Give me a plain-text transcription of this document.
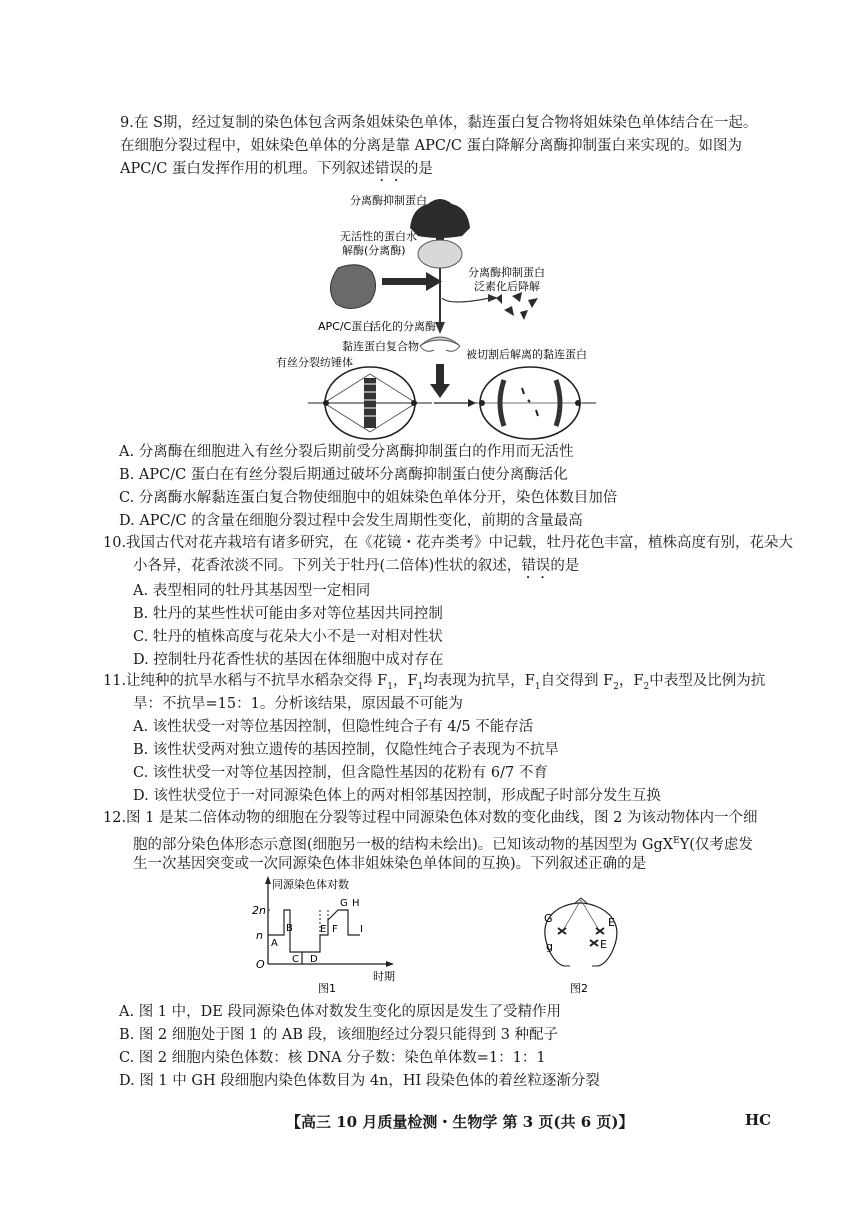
9.在 S期，经过复制的染色体包含两条姐妹染色单体，黏连蛋白复合物将姐妹染色单体结合在一起。
在细胞分裂过程中，姐妹染色单体的分离是靠 APC/C 蛋白降解分离酶抑制蛋白来实现的。如图为
APC/C 蛋白发挥作用的机理。下列叙述错误的是
分离酶抑制蛋白
无活性的蛋白水
解酶(分离酶)
APC/C蛋白
分离酶抑制蛋白
泛素化后降解
活化的分离酶
黏连蛋白复合物
有丝分裂纺锤体
被切割后解离的黏连蛋白
A. 分离酶在细胞进入有丝分裂后期前受分离酶抑制蛋白的作用而无活性
B. APC/C 蛋白在有丝分裂后期通过破坏分离酶抑制蛋白使分离酶活化
C. 分离酶水解黏连蛋白复合物使细胞中的姐妹染色单体分开，染色体数目加倍
D. APC/C 的含量在细胞分裂过程中会发生周期性变化，前期的含量最高
10.我国古代对花卉栽培有诸多研究，在《花镜・花卉类考》中记载，牡丹花色丰富，植株高度有别，花朵大
小各异，花香浓淡不同。下列关于牡丹(二倍体)性状的叙述，错误的是
A. 表型相同的牡丹其基因型一定相同
B. 牡丹的某些性状可能由多对等位基因共同控制
C. 牡丹的植株高度与花朵大小不是一对相对性状
D. 控制牡丹花香性状的基因在体细胞中成对存在
11.让纯种的抗旱水稻与不抗旱水稻杂交得 $F_1$，$F_1$均表现为抗旱，$F_1$自交得到 $F_2$，$F_2$中表型及比例为抗
旱：不抗旱=15：1。分析该结果，原因最不可能为
A. 该性状受一对等位基因控制，但隐性纯合子有 4/5 不能存活
B. 该性状受两对独立遗传的基因控制，仅隐性纯合子表现为不抗旱
C. 该性状受一对等位基因控制，但含隐性基因的花粉有 6/7 不育
D. 该性状受位于一对同源染色体上的两对相邻基因控制，形成配子时部分发生互换
12.图 1 是某二倍体动物的细胞在分裂等过程中同源染色体对数的变化曲线，图 2 为该动物体内一个细
胞的部分染色体形态示意图(细胞另一极的结构未绘出)。已知该动物的基因型为 GgX$^E$Y(仅考虑发
生一次基因突变或一次同源染色体非姐妹染色单体间的互换)。下列叙述正确的是
同源染色体对数
时期
2n
n
O
A
B
C D
E F
G H
I
图1
G
g
E
E
图2
A. 图 1 中，DE 段同源染色体对数发生变化的原因是发生了受精作用
B. 图 2 细胞处于图 1 的 AB 段，该细胞经过分裂只能得到 3 种配子
C. 图 2 细胞内染色体数：核 DNA 分子数：染色单体数=1：1：1
D. 图 1 中 GH 段细胞内染色体数目为 4n，HI 段染色体的着丝粒逐渐分裂
【高三 10 月质量检测・生物学 第 3 页(共 6 页)】	HC
